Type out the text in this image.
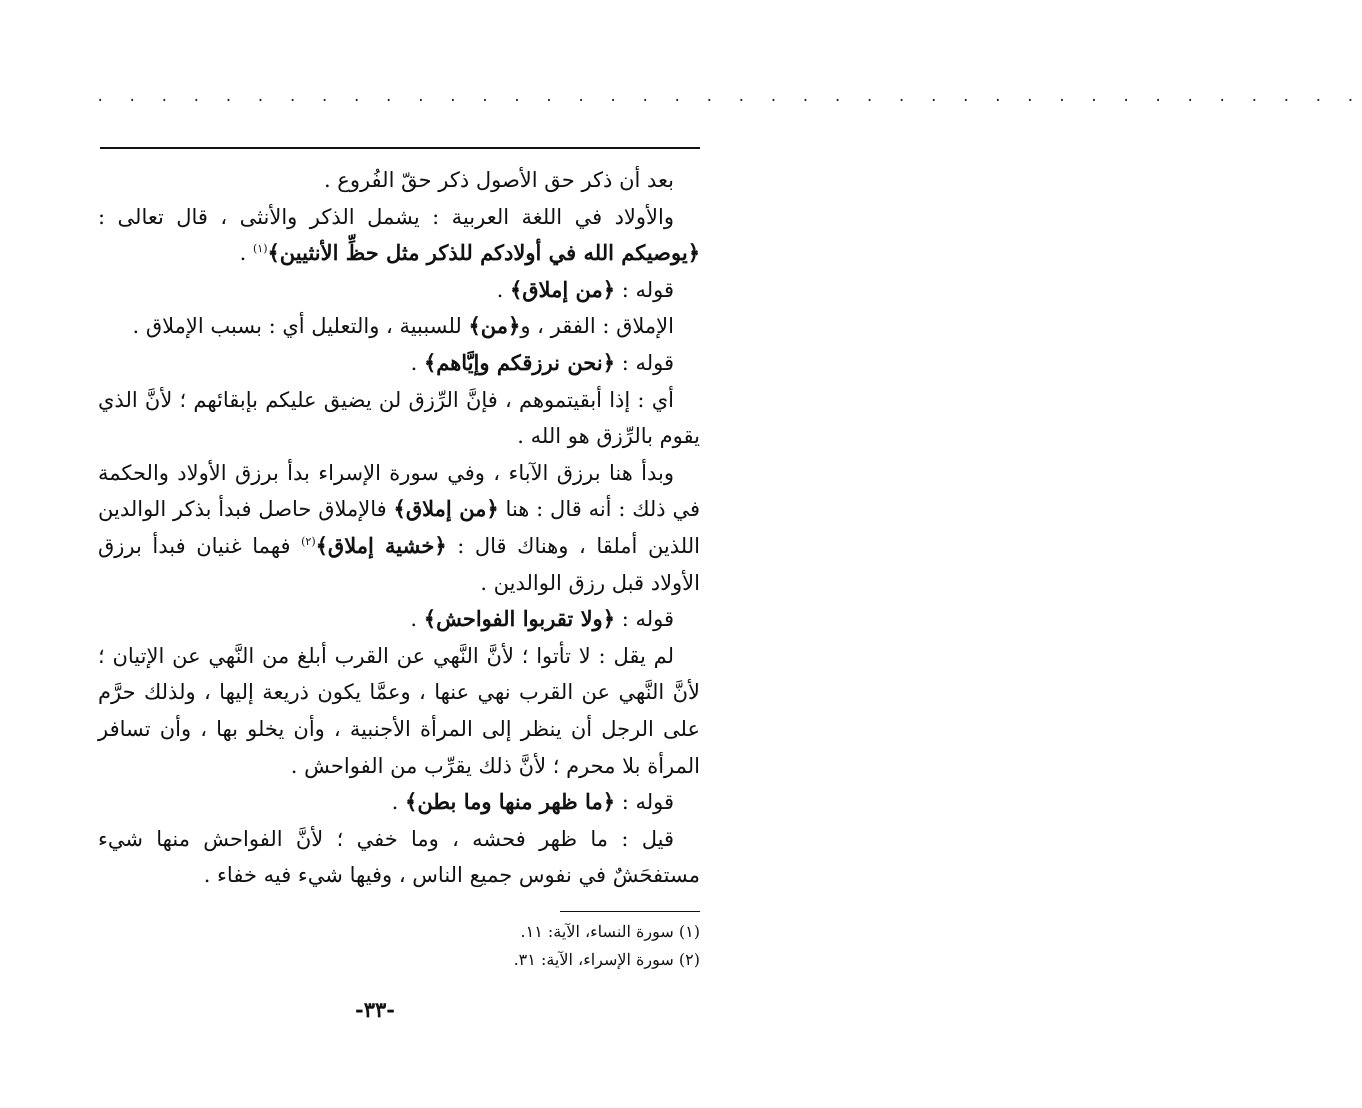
· · · · · · · · · · · · · · · · · · · · · · · · · · · · · · · · · · · · · · · ·

بعد أن ذكر حق الأصول ذكر حقّ الفُروع .

والأولاد في اللغة العربية : يشمل الذكر والأنثى ، قال تعالى : ﴿يوصيكم الله في أولادكم للذكر مثل حظِّ الأنثيين﴾$^{(١)}$ .

قوله : ﴿من إملاق﴾ .

الإملاق : الفقر ، و﴿من﴾ للسببية ، والتعليل أي : بسبب الإملاق .

قوله : ﴿نحن نرزقكم وإيَّاهم﴾ .

أي : إذا أبقيتموهم ، فإنَّ الرِّزق لن يضيق عليكم بإبقائهم ؛ لأنَّ الذي يقوم بالرِّزق هو الله .

وبدأ هنا برزق الآباء ، وفي سورة الإسراء بدأ برزق الأولاد والحكمة في ذلك : أنه قال : هنا ﴿من إملاق﴾ فالإملاق حاصل فبدأ بذكر الوالدين اللذين أملقا ، وهناك قال : ﴿خشية إملاق﴾$^{(٢)}$ فهما غنيان فبدأ برزق الأولاد قبل رزق الوالدين .

قوله : ﴿ولا تقربوا الفواحش﴾ .

لم يقل : لا تأتوا ؛ لأنَّ النَّهي عن القرب أبلغ من النَّهي عن الإتيان ؛ لأنَّ النَّهي عن القرب نهي عنها ، وعمَّا يكون ذريعة إليها ، ولذلك حرَّم على الرجل أن ينظر إلى المرأة الأجنبية ، وأن يخلو بها ، وأن تسافر المرأة بلا محرم ؛ لأنَّ ذلك يقرِّب من الفواحش .

قوله : ﴿ما ظهر منها وما بطن﴾ .

قيل : ما ظهر فحشه ، وما خفي ؛ لأنَّ الفواحش منها شيء مستفحَشٌ في نفوس جميع الناس ، وفيها شيء فيه خفاء .

(١) سورة النساء، الآية: ١١.

(٢) سورة الإسراء، الآية: ٣١.

-٣٣-
